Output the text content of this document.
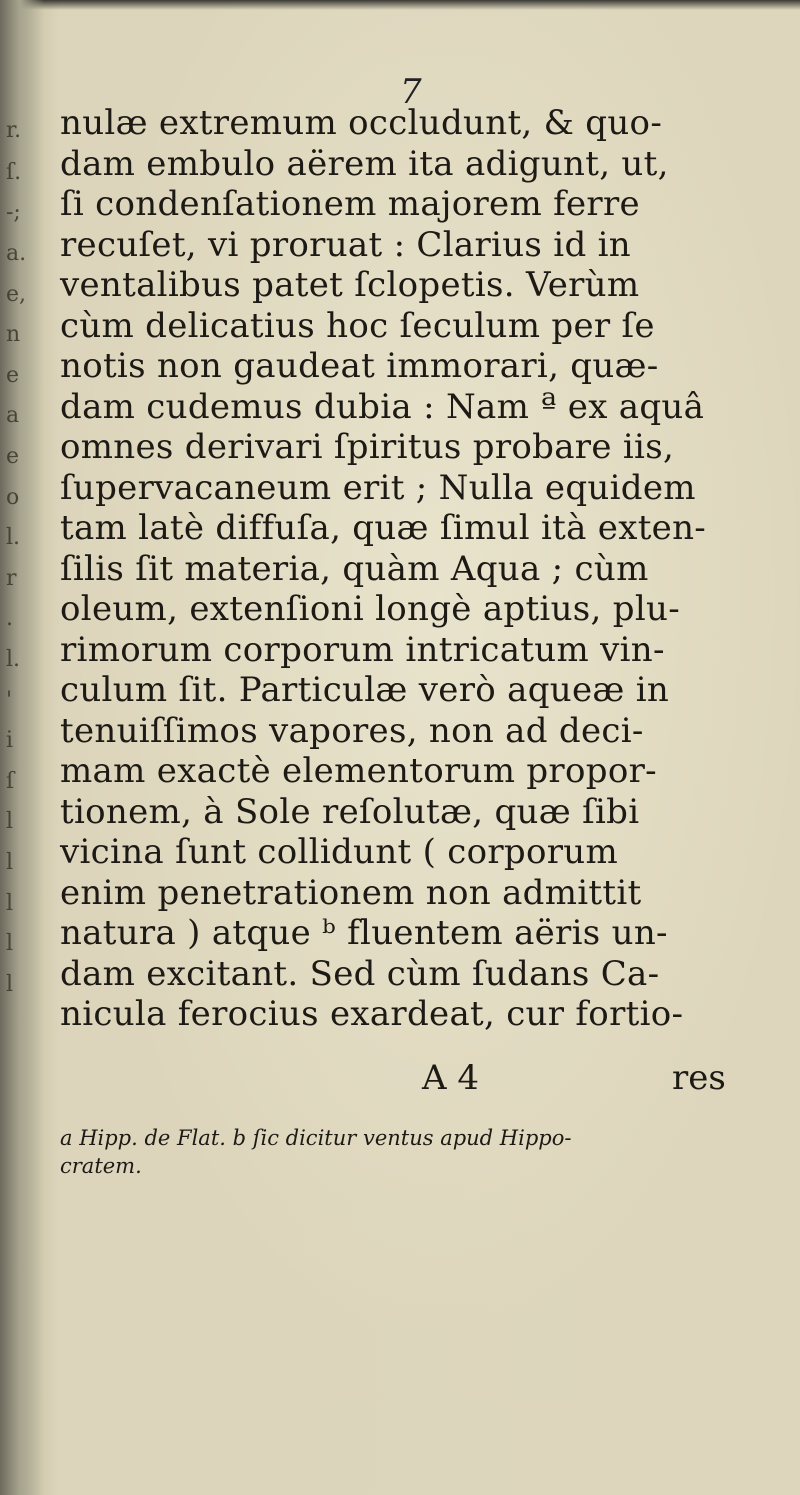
r.
ſ.
-;
a.
e,
n
e
a
e
o
l.
r
.
l.
'
i
ſ
l
l
l
l
l
7
nulæ extremum occludunt, & quo-
dam embulo aërem ita adigunt, ut,
ſi condenſationem majorem ferre
recuſet, vi proruat : Clarius id in
ventalibus patet ſclopetis. Verùm
cùm delicatius hoc ſeculum per ſe
notis non gaudeat immorari, quæ-
dam cudemus dubia : Nam ª ex aquâ
omnes derivari ſpiritus probare iis,
ſupervacaneum erit ; Nulla equidem
tam latè diffuſa, quæ ſimul ità exten-
ſilis ſit materia, quàm Aqua ; cùm
oleum, extenſioni longè aptius, plu-
rimorum corporum intricatum vin-
culum ſit. Particulæ verò aqueæ in
tenuiſſimos vapores, non ad deci-
mam exactè elementorum propor-
tionem, à Sole reſolutæ, quæ ſibi
vicina ſunt collidunt ( corporum
enim penetrationem non admittit
natura ) atque ᵇ fluentem aëris un-
dam excitant. Sed cùm ſudans Ca-
nicula ferocius exardeat, cur fortio-
A 4	res
a Hipp. de Flat. b ſic dicitur ventus apud Hippo-
cratem.
